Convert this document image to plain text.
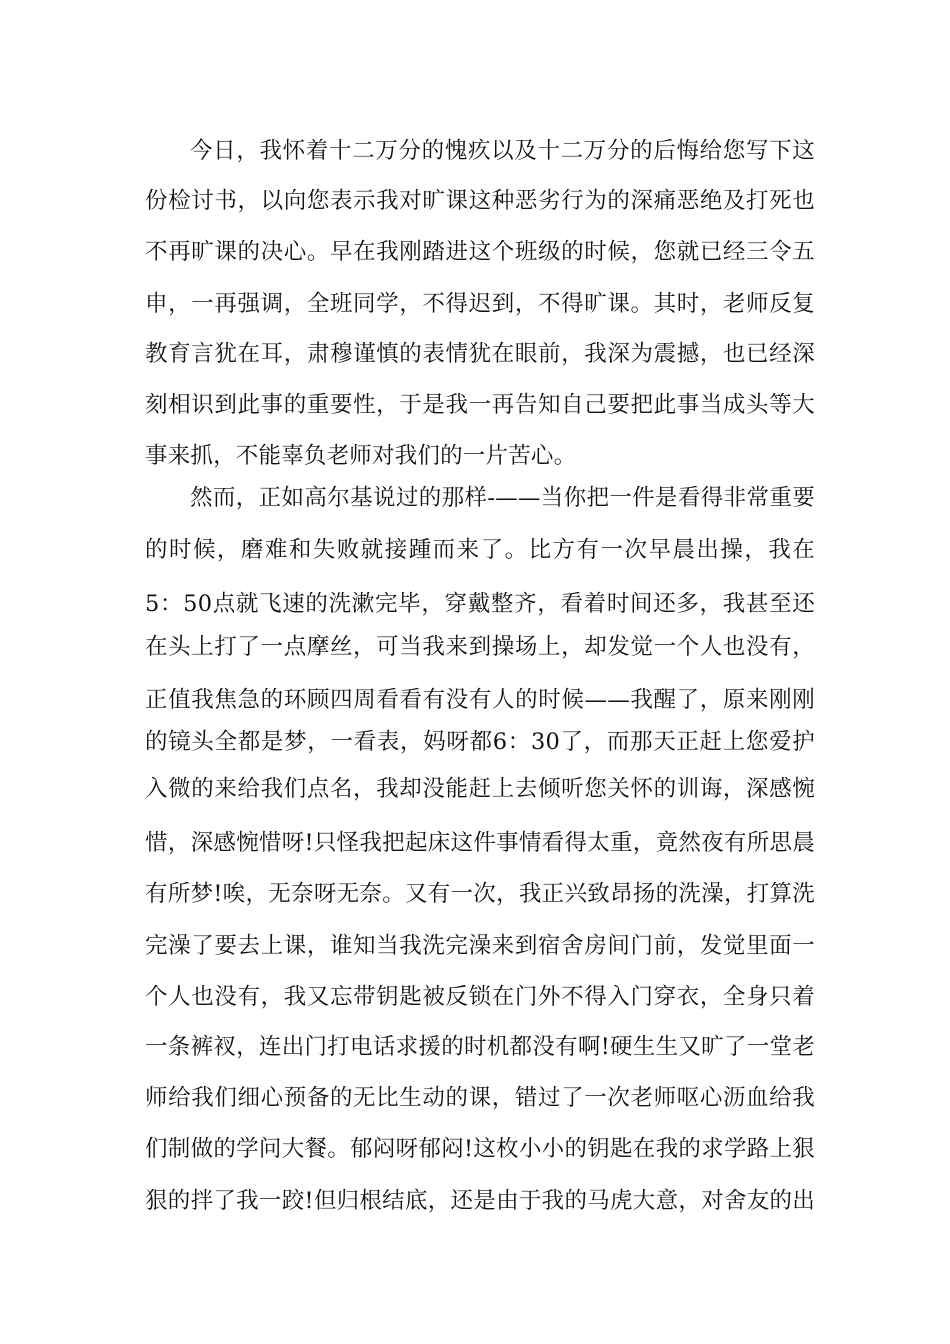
今日，我怀着十二万分的愧疚以及十二万分的后悔给您写下这
份检讨书，以向您表示我对旷课这种恶劣行为的深痛恶绝及打死也
不再旷课的决心。早在我刚踏进这个班级的时候，您就已经三令五
申，一再强调，全班同学，不得迟到，不得旷课。其时，老师反复
教育言犹在耳，肃穆谨慎的表情犹在眼前，我深为震撼，也已经深
刻相识到此事的重要性，于是我一再告知自己要把此事当成头等大
事来抓，不能辜负老师对我们的一片苦心。
然而，正如高尔基说过的那样-——当你把一件是看得非常重要
的时候，磨难和失败就接踵而来了。比方有一次早晨出操，我在
5：50点就飞速的洗漱完毕，穿戴整齐，看着时间还多，我甚至还
在头上打了一点摩丝，可当我来到操场上，却发觉一个人也没有，
正值我焦急的环顾四周看看有没有人的时候——我醒了，原来刚刚
的镜头全都是梦，一看表，妈呀都6：30了，而那天正赶上您爱护
入微的来给我们点名，我却没能赶上去倾听您关怀的训诲，深感惋
惜，深感惋惜呀!只怪我把起床这件事情看得太重，竟然夜有所思晨
有所梦!唉，无奈呀无奈。又有一次，我正兴致昂扬的洗澡，打算洗
完澡了要去上课，谁知当我洗完澡来到宿舍房间门前，发觉里面一
个人也没有，我又忘带钥匙被反锁在门外不得入门穿衣，全身只着
一条裤衩，连出门打电话求援的时机都没有啊!硬生生又旷了一堂老
师给我们细心预备的无比生动的课，错过了一次老师呕心沥血给我
们制做的学问大餐。郁闷呀郁闷!这枚小小的钥匙在我的求学路上狠
狠的拌了我一跤!但归根结底，还是由于我的马虎大意，对舍友的出
